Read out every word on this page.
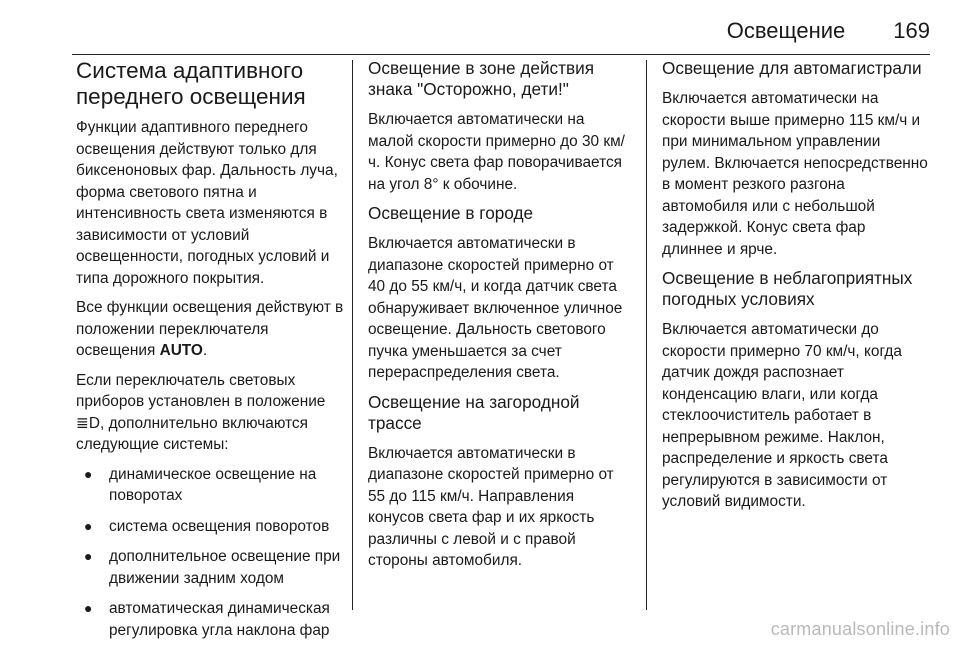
Освещение 169
Система адаптивного переднего освещения

Функции адаптивного переднего освещения действуют только для биксеноновых фар. Дальность луча, форма светового пятна и интенсивность света изменяются в зависимости от условий освещенности, погодных условий и типа дорожного покрытия.

Все функции освещения действуют в положении переключателя освещения AUTO.

Если переключатель световых приборов установлен в положение ≣D, дополнительно включаются следующие системы:

● динамическое освещение на поворотах
● система освещения поворотов
● дополнительное освещение при движении задним ходом
● автоматическая динамическая регулировка угла наклона фар
Освещение в зоне действия знака "Осторожно, дети!"

Включается автоматически на малой скорости примерно до 30 км/ч. Конус света фар поворачивается на угол 8° к обочине.

Освещение в городе

Включается автоматически в диапазоне скоростей примерно от 40 до 55 км/ч, и когда датчик света обнаруживает включенное уличное освещение. Дальность светового пучка уменьшается за счет перераспределения света.

Освещение на загородной трассе

Включается автоматически в диапазоне скоростей примерно от 55 до 115 км/ч. Направления конусов света фар и их яркость различны с левой и с правой стороны автомобиля.

Освещение для автомагистрали

Включается автоматически на скорости выше примерно 115 км/ч и при минимальном управлении рулем. Включается непосредственно в момент резкого разгона автомобиля или с небольшой задержкой. Конус света фар длиннее и ярче.

Освещение в неблагоприятных погодных условиях

Включается автоматически до скорости примерно 70 км/ч, когда датчик дождя распознает конденсацию влаги, или когда стеклоочиститель работает в непрерывном режиме. Наклон, распределение и яркость света регулируются в зависимости от условий видимости.

carmanualsonline.info
